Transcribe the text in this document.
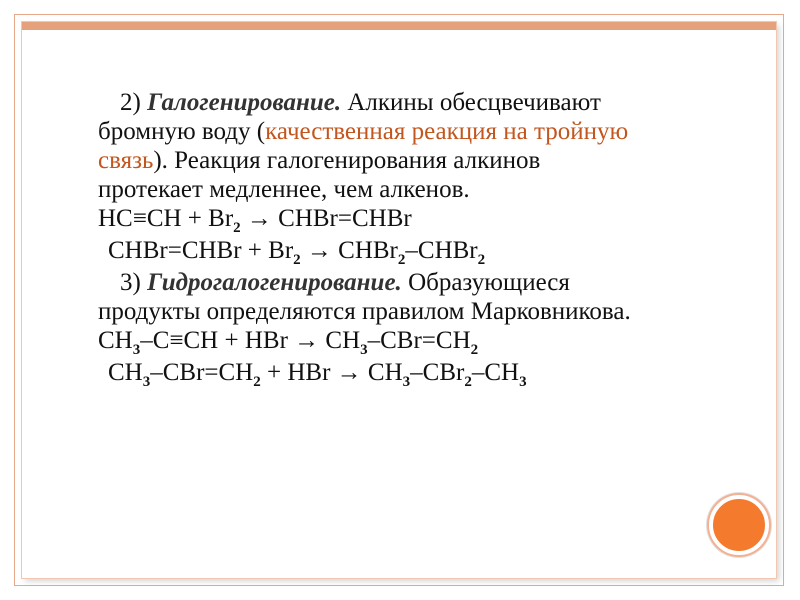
2) Галогенирование. Алкины обесцвечивают
бромную воду (качественная реакция на тройную
связь). Реакция галогенирования алкинов
протекает медленнее, чем алкенов.
$HC\equiv CH + Br_2$ → CHBr=CHBr
CHBr=CHBr + $Br_2$ → CHBr$_2$–CHBr$_2$
3) Гидрогалогенирование. Образующиеся
продукты определяются правилом Марковникова.
$CH_3-C\equiv CH$ + HBr → $CH_3-CBr=CH_2$
$CH_3-CBr=CH_2$ + HBr → $CH_3-CBr_2-CH_3$
